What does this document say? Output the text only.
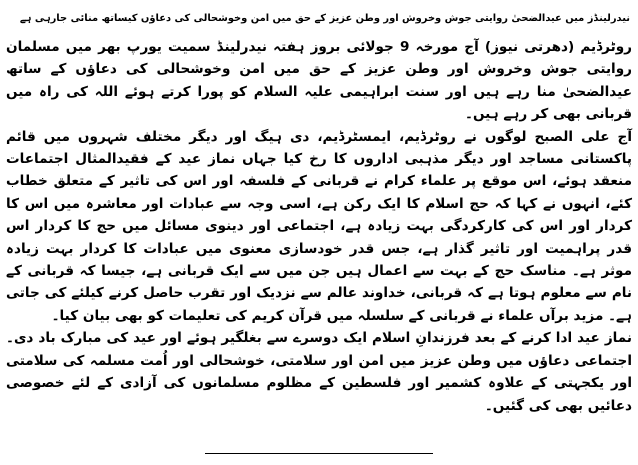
نیدرلینڈز میں عیدالضحیٰ روایتی جوش وخروش اور وطن عزیز کے حق میں امن وخوشحالی کی دعاؤں کیساتھ منائی جارہی ہے

روٹرڈیم (دھرتی نیوز) آج مورخہ 9 جولائی بروز ہفتہ نیدرلینڈ سمیت یورپ بھر میں مسلمان روایتی جوش وخروش اور وطن عزیز کے حق میں امن وخوشحالی کی دعاؤں کے ساتھ عیدالضحیٰ منا رہے ہیں اور سنت ابراہیمی علیہ السلام کو پورا کرتے ہوئے اللہ کی راہ میں قربانی بھی کر رہے ہیں۔

آج علی الصبح لوگوں نے روٹرڈیم، ایمسٹرڈیم، دی ہیگ اور دیگر مختلف شہروں میں قائم پاکستانی مساجد اور دیگر مذہبی اداروں کا رخ کیا جہاں نماز عید کے فقیدالمثال اجتماعات منعقد ہوئے، اس موقع پر علماء کرام نے قربانی کے فلسفہ اور اس کی تاثیر کے متعلق خطاب کئے، انہوں نے کہا کہ حج اسلام کا ایک رکن ہے، اسی وجہ سے عبادات اور معاشرہ میں اس کا کردار اور اس کی کارکردگی بہت زیادہ ہے، اجتماعی اور دینوی مسائل میں حج کا کردار اس قدر پراہمیت اور تاثیر گذار ہے، جس قدر خودسازی معنوی میں عبادات کا کردار بہت زیادہ موثر ہے۔ مناسک حج کے بہت سے اعمال ہیں جن میں سے ایک قربانی ہے، جیسا کہ قربانی کے نام سے معلوم ہوتا ہے کہ قربانی، خداوند عالم سے نزدیک اور تقرب حاصل کرنے کیلئے کی جاتی ہے۔ مزید برآں علماء نے قربانی کے سلسلہ میں قرآن کریم کی تعلیمات کو بھی بیان کیا۔

نماز عید ادا کرنے کے بعد فرزندانِ اسلام ایک دوسرے سے بغلگیر ہوئے اور عید کی مبارک باد دی۔ اجتماعی دعاؤں میں وطن عزیز میں امن اور سلامتی، خوشحالی اور اُمت مسلمہ کی سلامتی اور یکجہتی کے علاوہ کشمیر اور فلسطین کے مظلوم مسلمانوں کی آزادی کے لئے خصوصی دعائیں بھی کی گئیں۔
